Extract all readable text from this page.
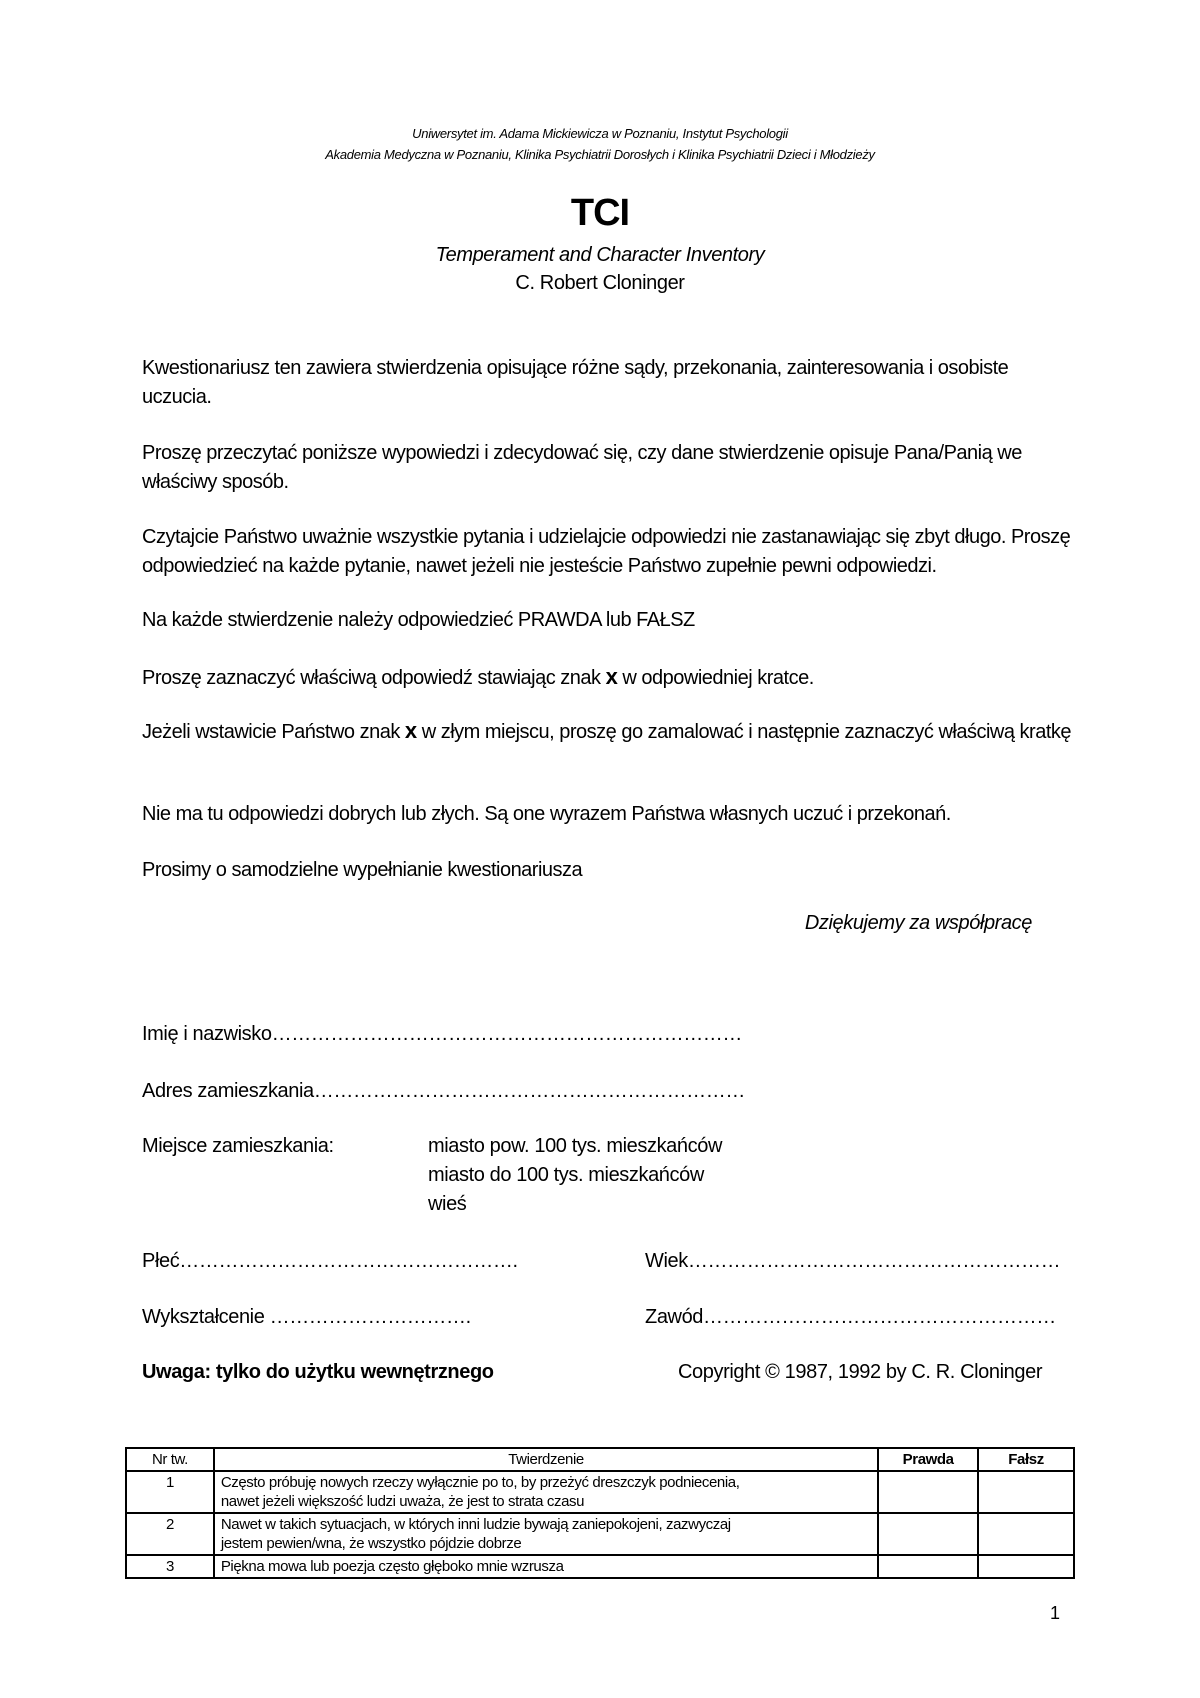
Uniwersytet im. Adama Mickiewicza w Poznaniu, Instytut Psychologii
Akademia Medyczna w Poznaniu, Klinika Psychiatrii Dorosłych i Klinika Psychiatrii Dzieci i Młodzieży
TCI
Temperament and Character Inventory
C. Robert Cloninger
Kwestionariusz ten zawiera stwierdzenia opisujące różne sądy, przekonania, zainteresowania i osobiste uczucia.
Proszę przeczytać poniższe wypowiedzi i zdecydować się, czy dane stwierdzenie opisuje Pana/Panią we właściwy sposób.
Czytajcie Państwo uważnie wszystkie pytania i udzielajcie odpowiedzi nie zastanawiając się zbyt długo. Proszę odpowiedzieć na każde pytanie, nawet jeżeli nie jesteście Państwo zupełnie pewni odpowiedzi.
Na każde stwierdzenie należy odpowiedzieć PRAWDA lub FAŁSZ
Proszę zaznaczyć właściwą odpowiedź stawiając znak x w odpowiedniej kratce.
Jeżeli wstawicie Państwo znak x w złym miejscu, proszę go zamalować i następnie zaznaczyć właściwą kratkę
Nie ma tu odpowiedzi dobrych lub złych. Są one wyrazem Państwa własnych uczuć i przekonań.
Prosimy o samodzielne wypełnianie kwestionariusza
Dziękujemy za współpracę
Imię i nazwisko………………………………………………………………
Adres zamieszkania…………………………………………………………
Miejsce zamieszkania:	miasto pow. 100 tys. mieszkańców
miasto do 100 tys. mieszkańców
wieś
Płeć…………………………………………….	Wiek…………………………………………………
Wykształcenie ………………………….	Zawód………………………………………………
Uwaga: tylko do użytku wewnętrznego	Copyright © 1987, 1992 by C. R. Cloninger
Nr tw.	Twierdzenie	Prawda	Fałsz
1	Często próbuję nowych rzeczy wyłącznie po to, by przeżyć dreszczyk podniecenia,
nawet jeżeli większość ludzi uważa, że jest to strata czasu		

2	Nawet w takich sytuacjach, w których inni ludzie bywają zaniepokojeni, zazwyczaj
jestem pewien/wna, że wszystko pójdzie dobrze		

3	Piękna mowa lub poezja często głęboko mnie wzrusza		

1
